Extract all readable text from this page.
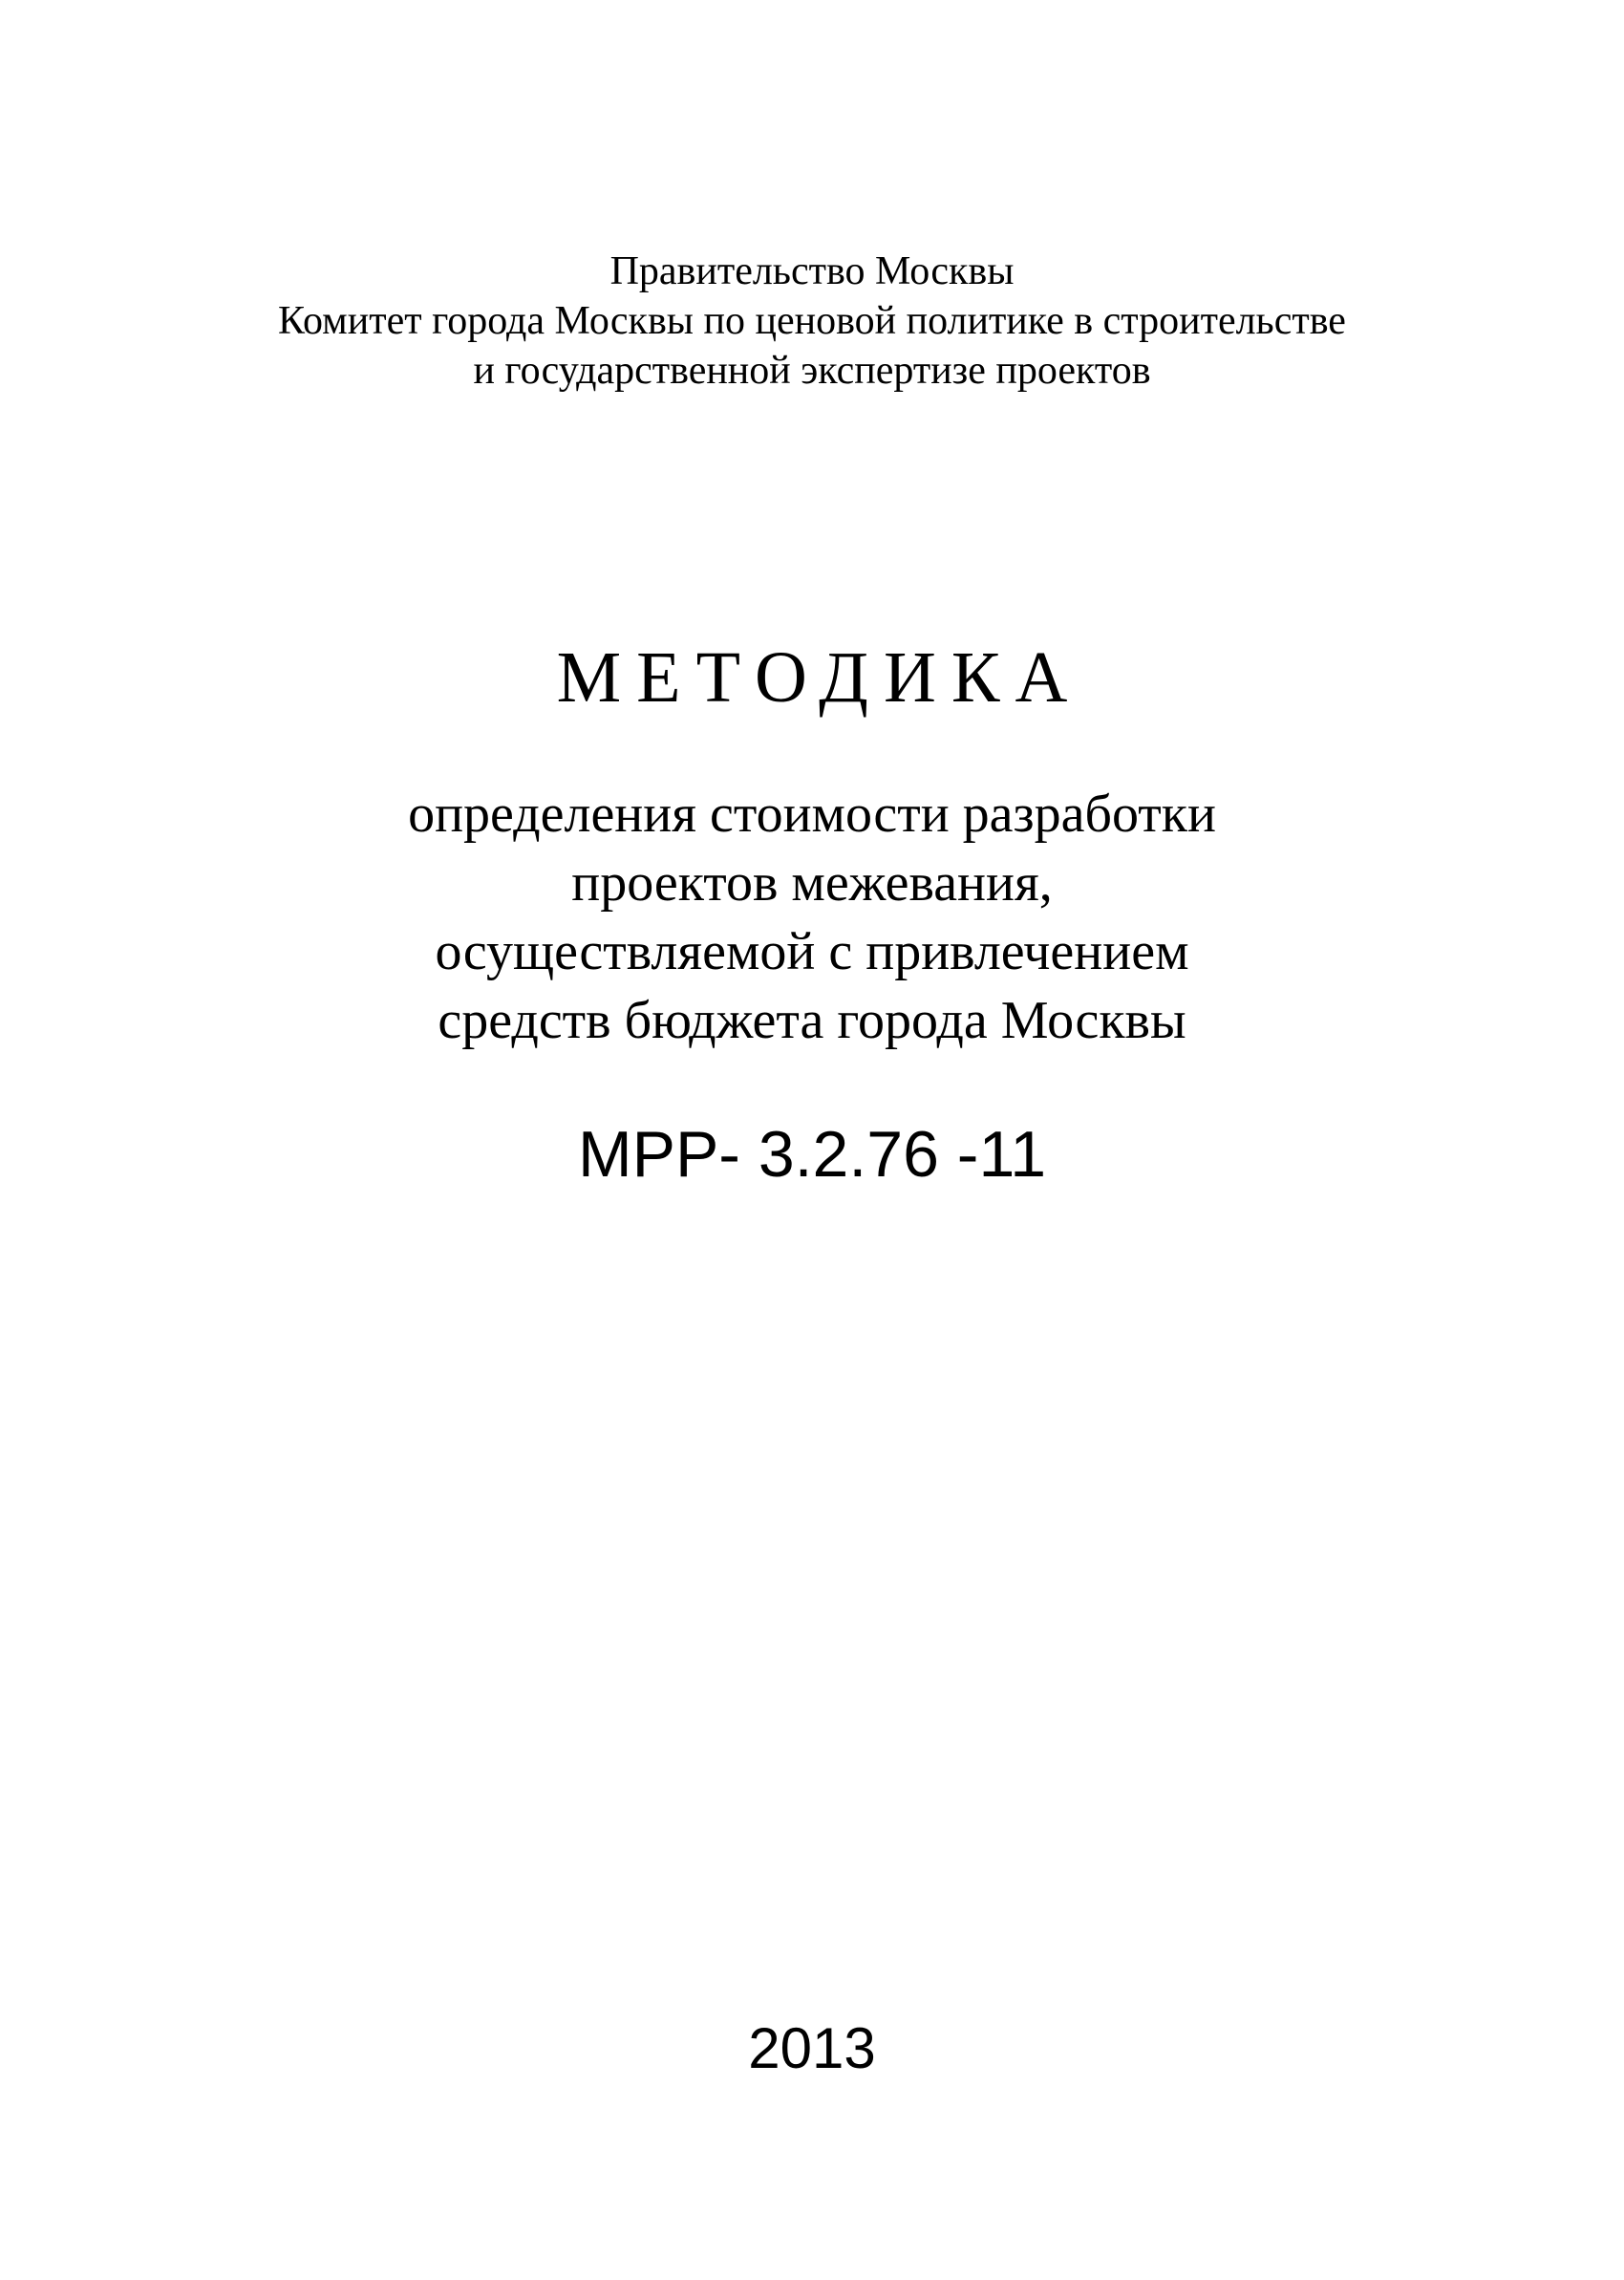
Правительство Москвы

Комитет города Москвы по ценовой политике в строительстве

и государственной экспертизе проектов

МЕТОДИКА

определения стоимости разработки

проектов межевания,

осуществляемой с привлечением

средств бюджета города Москвы

МРР- 3.2.76 -11

2013
